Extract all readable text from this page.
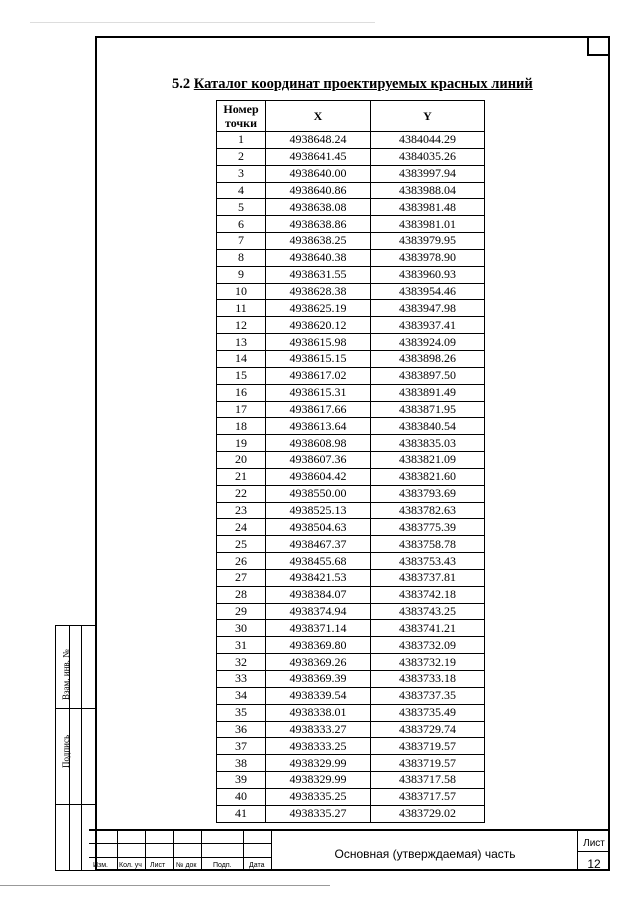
5.2 Каталог координат проектируемых красных линий
Номер точки	X	Y
1	4938648.24	4384044.29
2	4938641.45	4384035.26
3	4938640.00	4383997.94
4	4938640.86	4383988.04
5	4938638.08	4383981.48
6	4938638.86	4383981.01
7	4938638.25	4383979.95
8	4938640.38	4383978.90
9	4938631.55	4383960.93
10	4938628.38	4383954.46
11	4938625.19	4383947.98
12	4938620.12	4383937.41
13	4938615.98	4383924.09
14	4938615.15	4383898.26
15	4938617.02	4383897.50
16	4938615.31	4383891.49
17	4938617.66	4383871.95
18	4938613.64	4383840.54
19	4938608.98	4383835.03
20	4938607.36	4383821.09
21	4938604.42	4383821.60
22	4938550.00	4383793.69
23	4938525.13	4383782.63
24	4938504.63	4383775.39
25	4938467.37	4383758.78
26	4938455.68	4383753.43
27	4938421.53	4383737.81
28	4938384.07	4383742.18
29	4938374.94	4383743.25
30	4938371.14	4383741.21
31	4938369.80	4383732.09
32	4938369.26	4383732.19
33	4938369.39	4383733.18
34	4938339.54	4383737.35
35	4938338.01	4383735.49
36	4938333.27	4383729.74
37	4938333.25	4383719.57
38	4938329.99	4383719.57
39	4938329.99	4383717.58
40	4938335.25	4383717.57
41	4938335.27	4383729.02
Взам. инв. №
Подпись
Изм. Кол. уч Лист № док Подп. Дата
Основная (утверждаемая) часть
Лист
12
